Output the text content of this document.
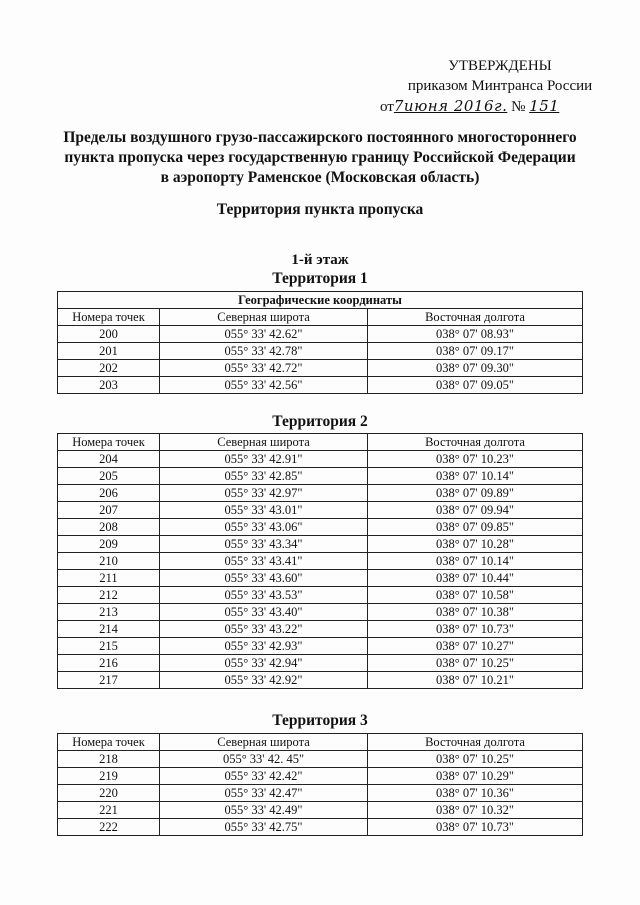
УТВЕРЖДЕНЫ
приказом Минтранса России
от7июня 2016г. № 151
Пределы воздушного грузо-пассажирского постоянного многостороннего
пункта пропуска через государственную границу Российской Федерации
в аэропорту Раменское (Московская область)
Территория пункта пропуска
1-й этаж
Территория 1
Географические координаты		
Номера точек	Северная широта	Восточная долгота
200	055° 33' 42.62"	038° 07' 08.93"
201	055° 33' 42.78"	038° 07' 09.17"
202	055° 33' 42.72"	038° 07' 09.30"
203	055° 33' 42.56"	038° 07' 09.05"
Территория 2
Номера точек	Северная широта	Восточная долгота
204	055° 33' 42.91"	038° 07' 10.23"
205	055° 33' 42.85"	038° 07' 10.14"
206	055° 33' 42.97"	038° 07' 09.89"
207	055° 33' 43.01"	038° 07' 09.94"
208	055° 33' 43.06"	038° 07' 09.85"
209	055° 33' 43.34"	038° 07' 10.28"
210	055° 33' 43.41"	038° 07' 10.14"
211	055° 33' 43.60"	038° 07' 10.44"
212	055° 33' 43.53"	038° 07' 10.58"
213	055° 33' 43.40"	038° 07' 10.38"
214	055° 33' 43.22"	038° 07' 10.73"
215	055° 33' 42.93"	038° 07' 10.27"
216	055° 33' 42.94"	038° 07' 10.25"
217	055° 33' 42.92"	038° 07' 10.21"
Территория 3
Номера точек	Северная широта	Восточная долгота
218	055° 33' 42. 45"	038° 07' 10.25"
219	055° 33' 42.42"	038° 07' 10.29"
220	055° 33' 42.47"	038° 07' 10.36"
221	055° 33' 42.49"	038° 07' 10.32"
222	055° 33' 42.75"	038° 07' 10.73"
